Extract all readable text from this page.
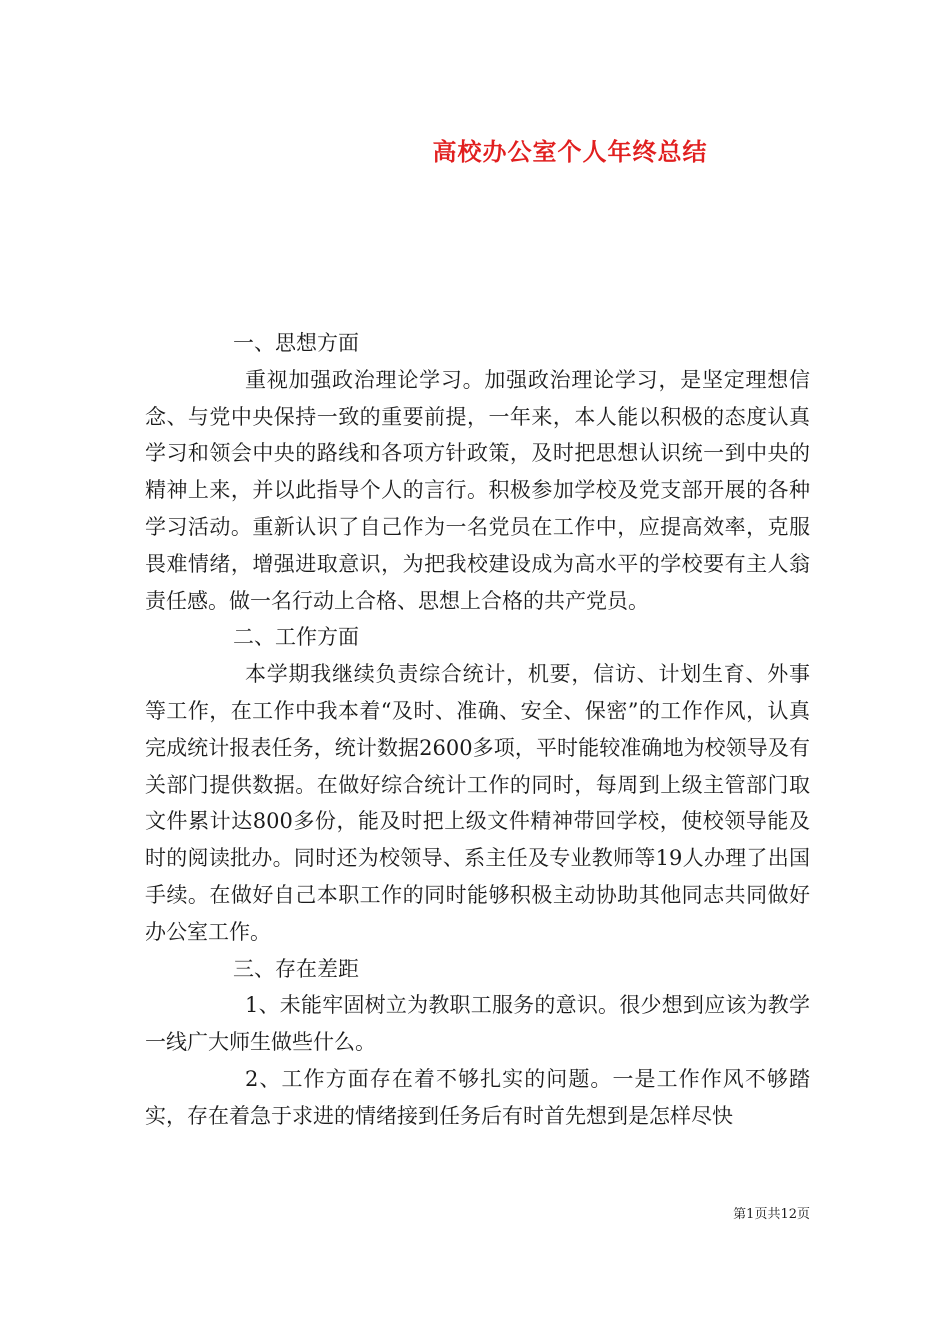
高校办公室个人年终总结

一、思想方面

重视加强政治理论学习。加强政治理论学习，是坚定理想信念、与党中央保持一致的重要前提，一年来，本人能以积极的态度认真学习和领会中央的路线和各项方针政策，及时把思想认识统一到中央的精神上来，并以此指导个人的言行。积极参加学校及党支部开展的各种学习活动。重新认识了自己作为一名党员在工作中，应提高效率，克服畏难情绪，增强进取意识，为把我校建设成为高水平的学校要有主人翁责任感。做一名行动上合格、思想上合格的共产党员。

二、工作方面

本学期我继续负责综合统计，机要，信访、计划生育、外事等工作，在工作中我本着“及时、准确、安全、保密”的工作作风，认真完成统计报表任务，统计数据2600多项，平时能较准确地为校领导及有关部门提供数据。在做好综合统计工作的同时，每周到上级主管部门取文件累计达800多份，能及时把上级文件精神带回学校，使校领导能及时的阅读批办。同时还为校领导、系主任及专业教师等19人办理了出国手续。在做好自己本职工作的同时能够积极主动协助其他同志共同做好办公室工作。

三、存在差距

1、未能牢固树立为教职工服务的意识。很少想到应该为教学一线广大师生做些什么。

2、工作方面存在着不够扎实的问题。一是工作作风不够踏实，存在着急于求进的情绪接到任务后有时首先想到是怎样尽快

第1页共12页
